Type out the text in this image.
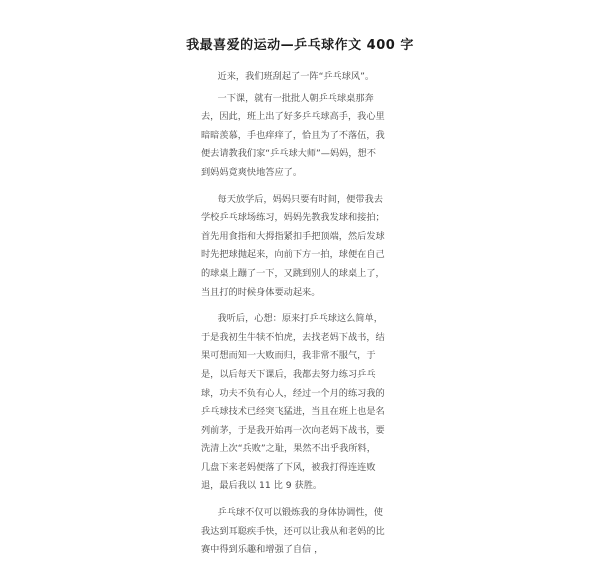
我最喜爱的运动—乒乓球作文 400 字

近来，我们班刮起了一阵“乒乓球风”。

一下课，就有一批批人朝乒乓球桌那奔去，因此，班上出了好多乒乓球高手，我心里暗暗羡慕，手也痒痒了，恰且为了不落伍，我便去请教我们家“乒乓球大师”—妈妈，想不到妈妈竟爽快地答应了。

每天放学后，妈妈只要有时间，便带我去学校乒乓球场练习，妈妈先教我发球和接拍；首先用食指和大拇指紧扣手把顶端，然后发球时先把球抛起来，向前下方一拍，球便在自己的球桌上蹦了一下，又跳到别人的球桌上了，当且打的时候身体要动起来。

我听后，心想：原来打乒乓球这么简单，于是我初生牛犊不怕虎，去找老妈下战书，结果可想而知一大败而归，我非常不服气，于是，以后每天下课后，我都去努力练习乒乓球，功夫不负有心人，经过一个月的练习我的乒乓球技术已经突飞猛进，当且在班上也是名列前茅，于是我开始再一次向老妈下战书，要洗清上次“兵败”之耻，果然不出乎我所料，几盘下来老妈便落了下风，被我打得连连败退，最后我以 11 比 9 获胜。

乒乓球不仅可以锻炼我的身体协调性，使我达到耳聪疾手快，还可以让我从和老妈的比赛中得到乐趣和增强了自信 ，
